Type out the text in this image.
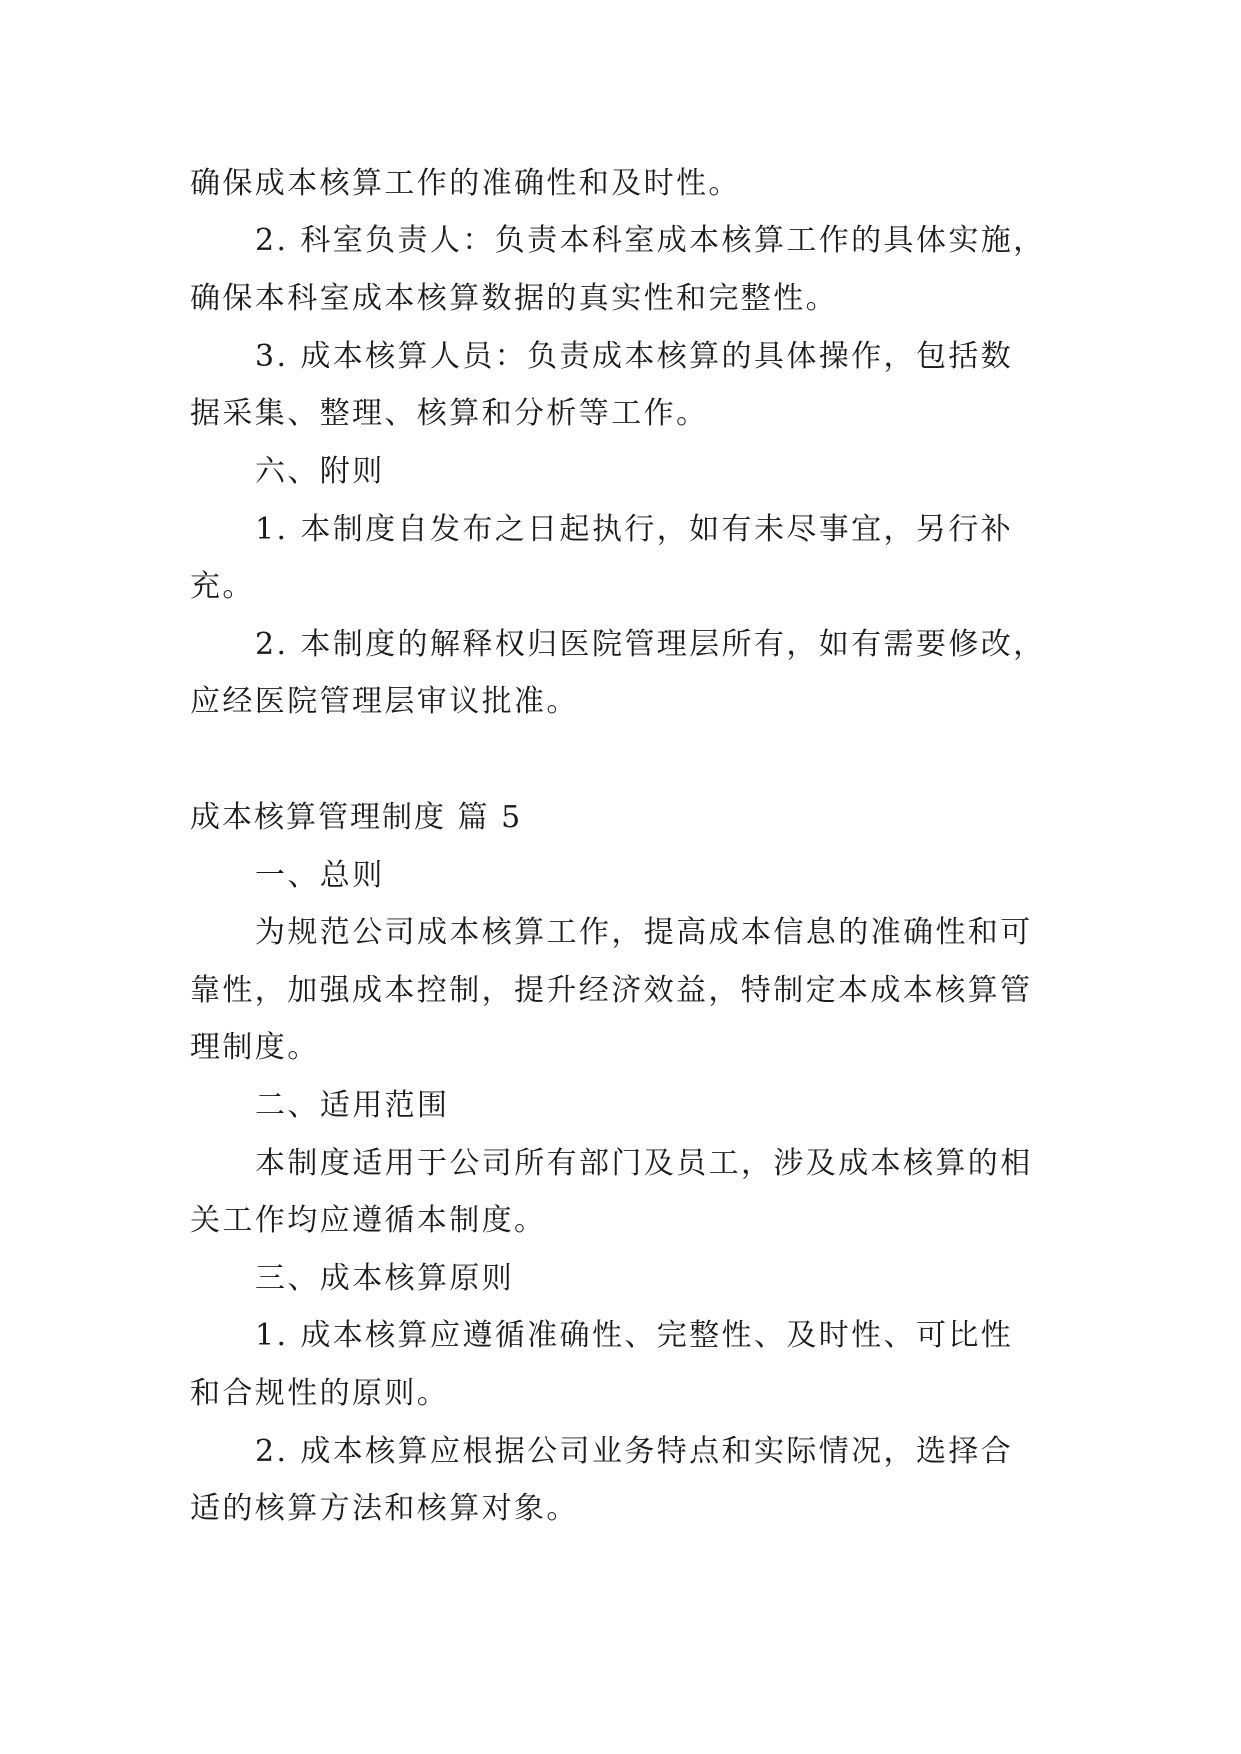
确保成本核算工作的准确性和及时性。

2. 科室负责人：负责本科室成本核算工作的具体实施，

确保本科室成本核算数据的真实性和完整性。

3. 成本核算人员：负责成本核算的具体操作，包括数

据采集、整理、核算和分析等工作。

六、附则

1. 本制度自发布之日起执行，如有未尽事宜，另行补

充。

2. 本制度的解释权归医院管理层所有，如有需要修改，

应经医院管理层审议批准。

成本核算管理制度 篇 5

一、总则

为规范公司成本核算工作，提高成本信息的准确性和可

靠性，加强成本控制，提升经济效益，特制定本成本核算管

理制度。

二、适用范围

本制度适用于公司所有部门及员工，涉及成本核算的相

关工作均应遵循本制度。

三、成本核算原则

1. 成本核算应遵循准确性、完整性、及时性、可比性

和合规性的原则。

2. 成本核算应根据公司业务特点和实际情况，选择合

适的核算方法和核算对象。
